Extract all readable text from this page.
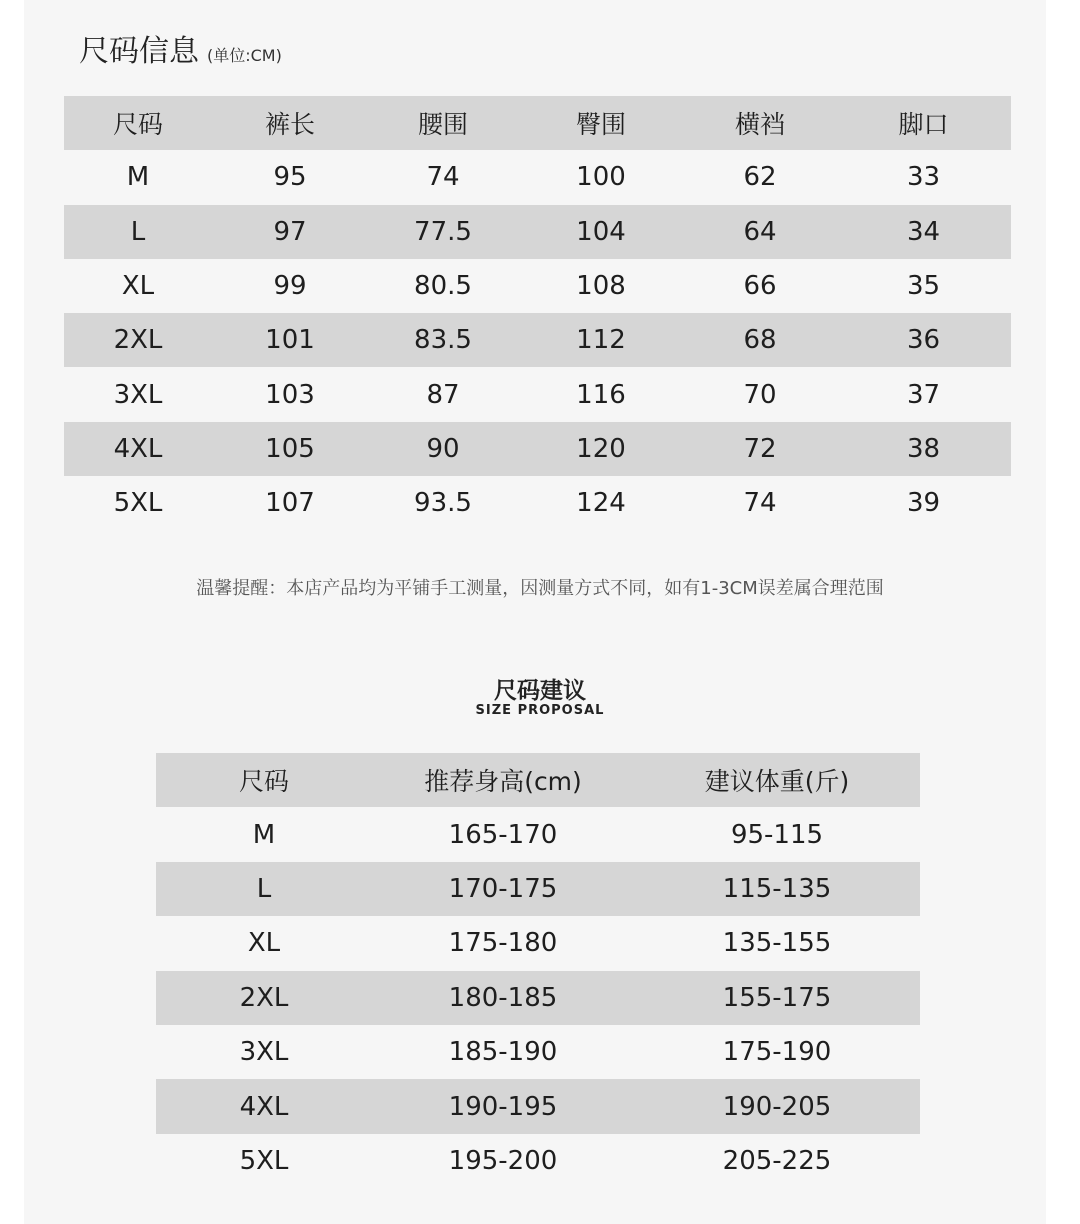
尺码信息 (单位:CM)
尺码	裤长	腰围	臀围	横裆	脚口
M	95	74	100	62	33
L	97	77.5	104	64	34
XL	99	80.5	108	66	35
2XL	101	83.5	112	68	36
3XL	103	87	116	70	37
4XL	105	90	120	72	38
5XL	107	93.5	124	74	39
温馨提醒：本店产品均为平铺手工测量，因测量方式不同，如有1-3CM误差属合理范围
尺码建议
SIZE PROPOSAL
尺码	推荐身高(cm)	建议体重(斤)
M	165-170	95-115
L	170-175	115-135
XL	175-180	135-155
2XL	180-185	155-175
3XL	185-190	175-190
4XL	190-195	190-205
5XL	195-200	205-225
